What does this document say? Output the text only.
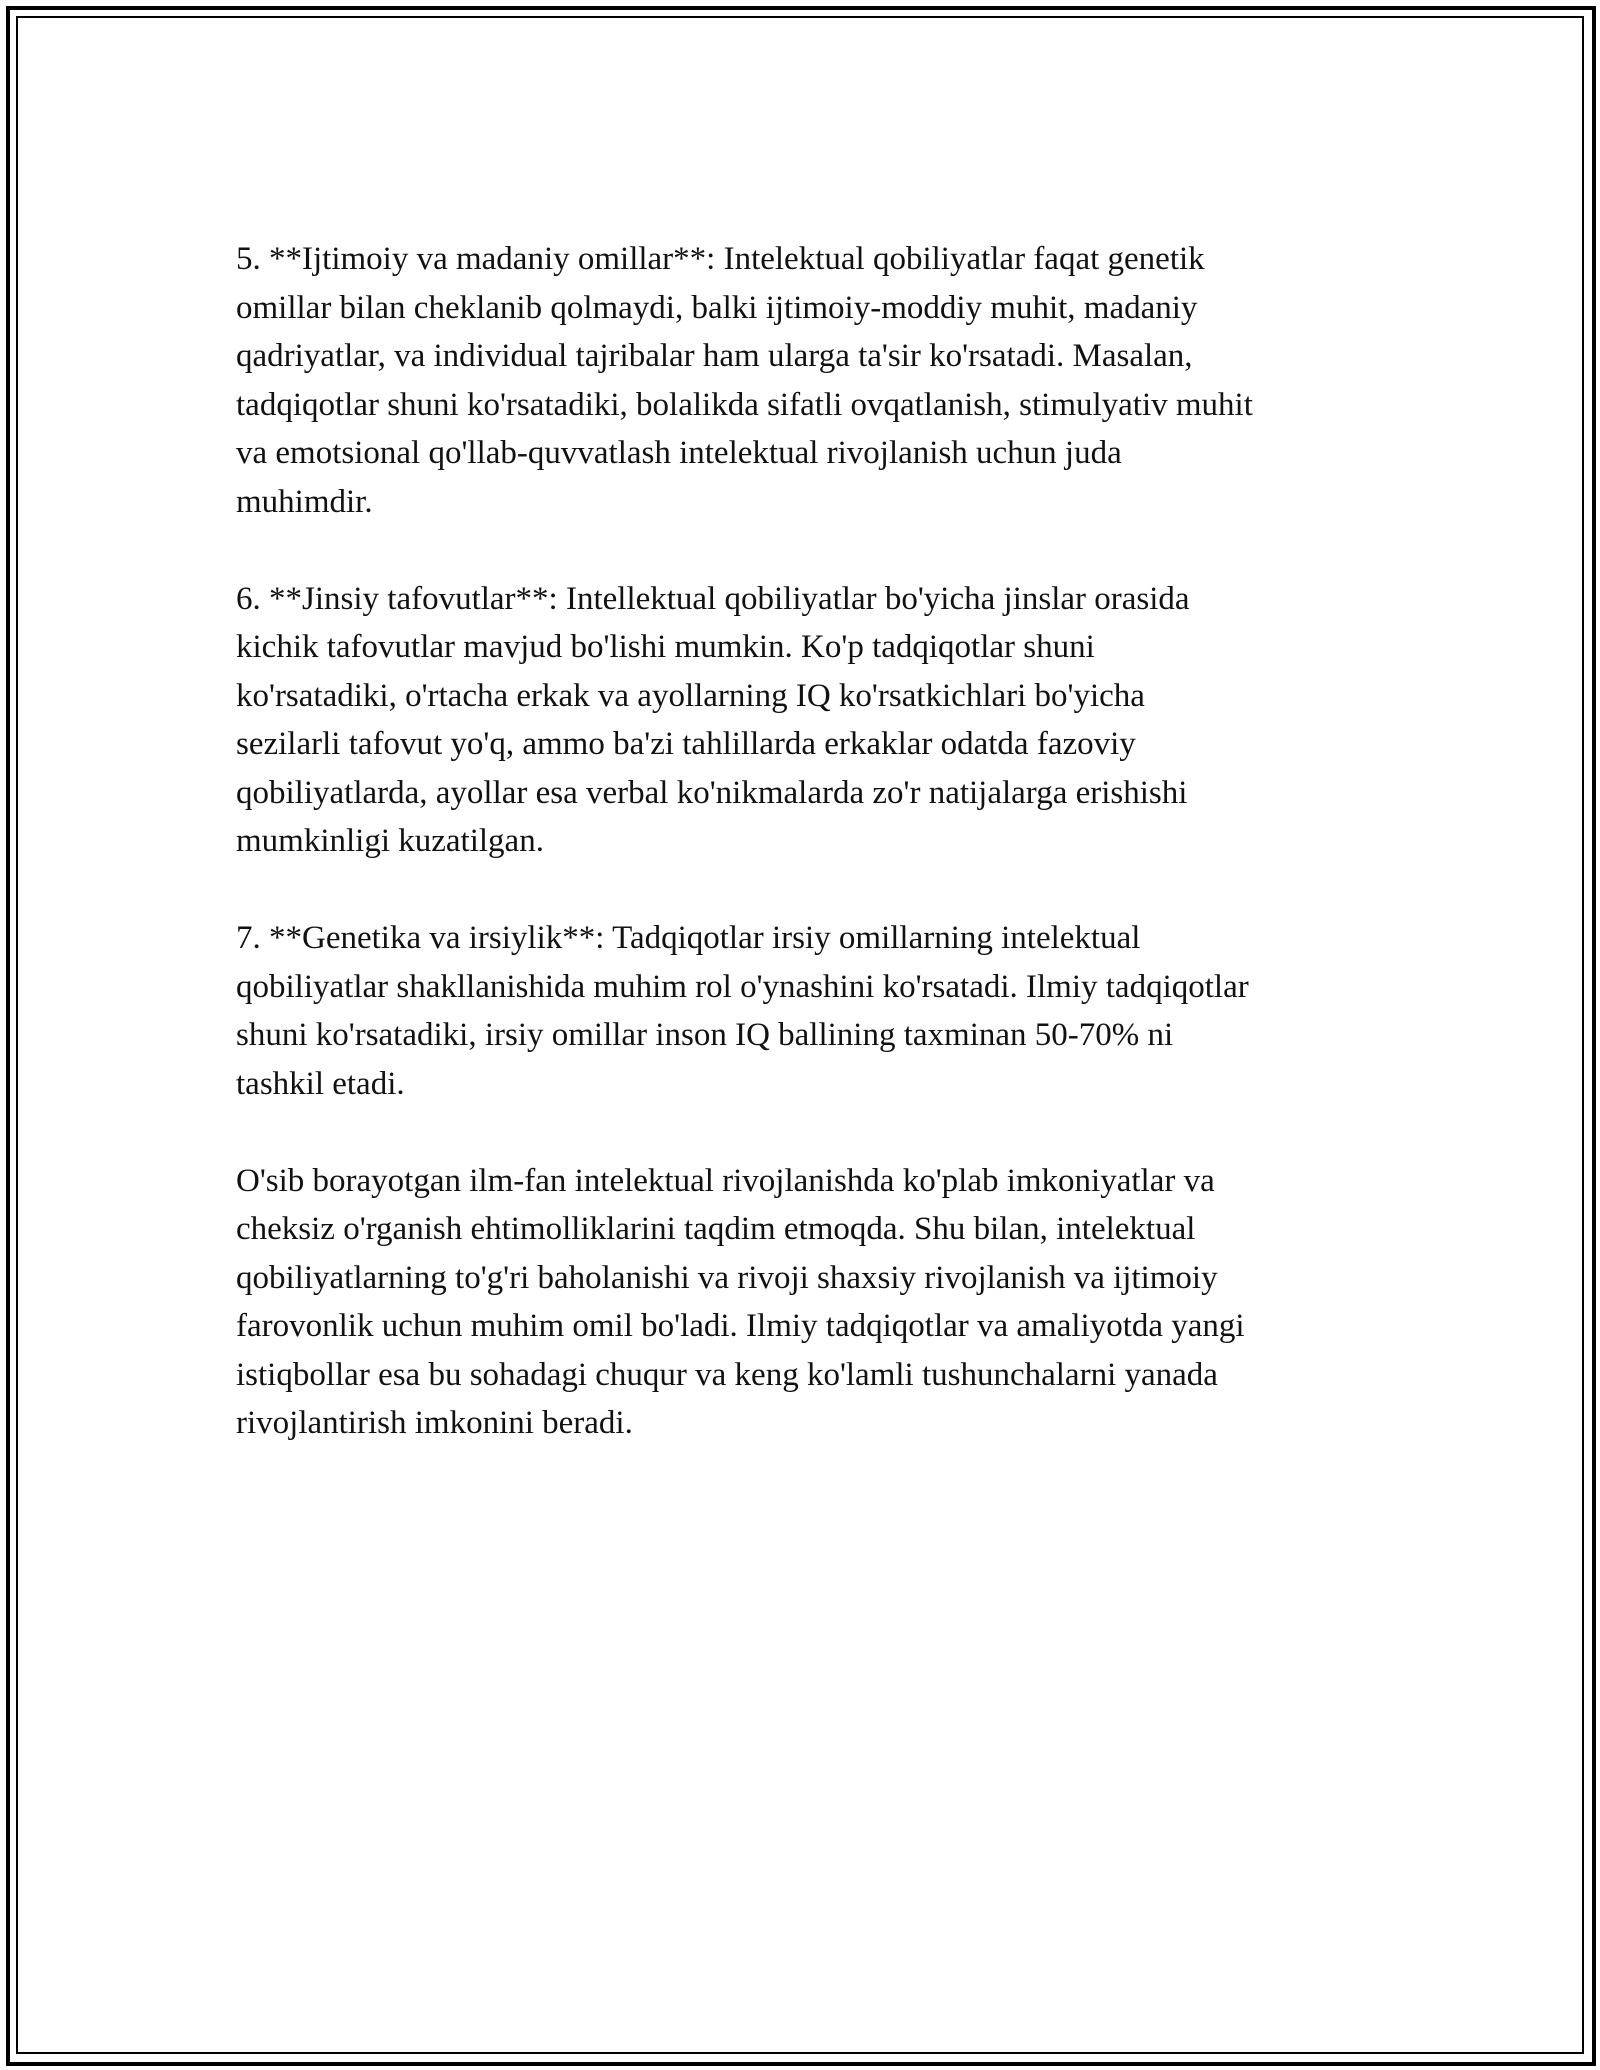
5. **Ijtimoiy va madaniy omillar**: Intelektual qobiliyatlar faqat genetik
omillar bilan cheklanib qolmaydi, balki ijtimoiy-moddiy muhit, madaniy
qadriyatlar, va individual tajribalar ham ularga ta'sir ko'rsatadi. Masalan,
tadqiqotlar shuni ko'rsatadiki, bolalikda sifatli ovqatlanish, stimulyativ muhit
va emotsional qo'llab-quvvatlash intelektual rivojlanish uchun juda
muhimdir.

6. **Jinsiy tafovutlar**: Intellektual qobiliyatlar bo'yicha jinslar orasida
kichik tafovutlar mavjud bo'lishi mumkin. Ko'p tadqiqotlar shuni
ko'rsatadiki, o'rtacha erkak va ayollarning IQ ko'rsatkichlari bo'yicha
sezilarli tafovut yo'q, ammo ba'zi tahlillarda erkaklar odatda fazoviy
qobiliyatlarda, ayollar esa verbal ko'nikmalarda zo'r natijalarga erishishi
mumkinligi kuzatilgan.

7. **Genetika va irsiylik**: Tadqiqotlar irsiy omillarning intelektual
qobiliyatlar shakllanishida muhim rol o'ynashini ko'rsatadi. Ilmiy tadqiqotlar
shuni ko'rsatadiki, irsiy omillar inson IQ ballining taxminan 50-70% ni
tashkil etadi.

O'sib borayotgan ilm-fan intelektual rivojlanishda ko'plab imkoniyatlar va
cheksiz o'rganish ehtimolliklarini taqdim etmoqda. Shu bilan, intelektual
qobiliyatlarning to'g'ri baholanishi va rivoji shaxsiy rivojlanish va ijtimoiy
farovonlik uchun muhim omil bo'ladi. Ilmiy tadqiqotlar va amaliyotda yangi
istiqbollar esa bu sohadagi chuqur va keng ko'lamli tushunchalarni yanada
rivojlantirish imkonini beradi.
